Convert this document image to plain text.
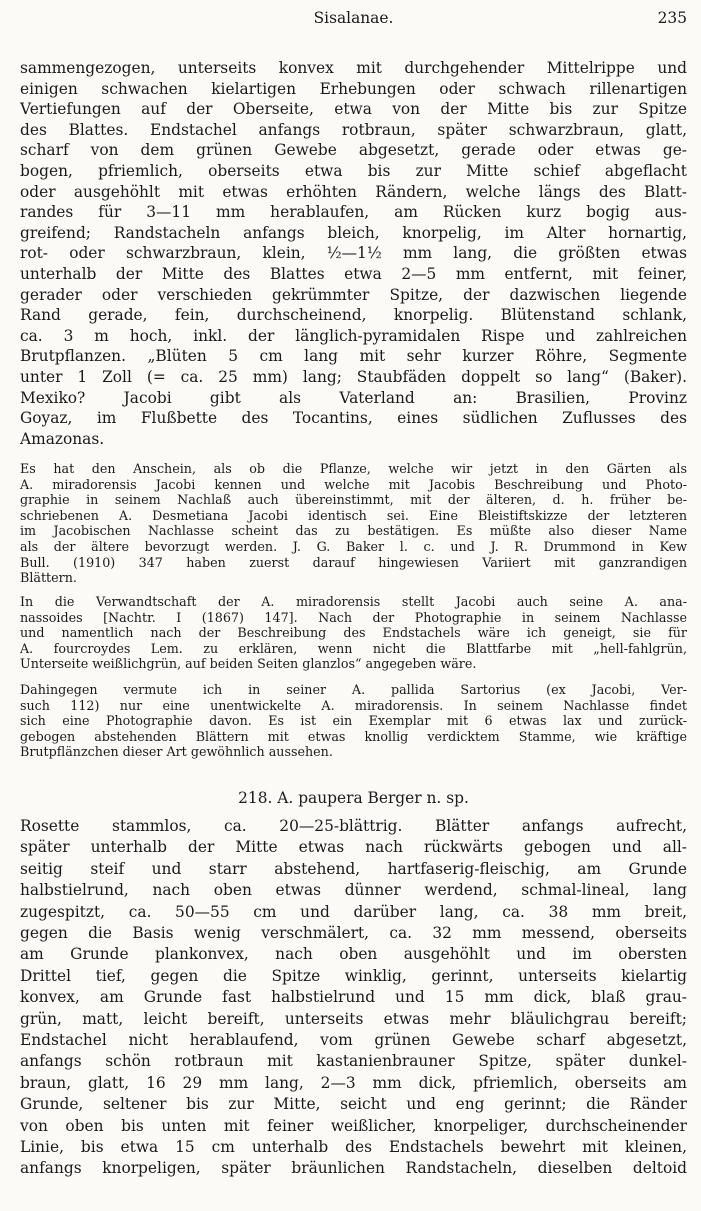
Sisalanae.	235
sammengezogen, unterseits konvex mit durchgehender Mittelrippe und
einigen schwachen kielartigen Erhebungen oder schwach rillenartigen
Vertiefungen auf der Oberseite, etwa von der Mitte bis zur Spitze
des Blattes. Endstachel anfangs rotbraun, später schwarzbraun, glatt,
scharf von dem grünen Gewebe abgesetzt, gerade oder etwas ge-
bogen, pfriemlich, oberseits etwa bis zur Mitte schief abgeflacht
oder ausgehöhlt mit etwas erhöhten Rändern, welche längs des Blatt-
randes für 3—11 mm herablaufen, am Rücken kurz bogig aus-
greifend; Randstacheln anfangs bleich, knorpelig, im Alter hornartig,
rot- oder schwarzbraun, klein, ½—1½ mm lang, die größten etwas
unterhalb der Mitte des Blattes etwa 2—5 mm entfernt, mit feiner,
gerader oder verschieden gekrümmter Spitze, der dazwischen liegende
Rand gerade, fein, durchscheinend, knorpelig. Blütenstand schlank,
ca. 3 m hoch, inkl. der länglich-pyramidalen Rispe und zahlreichen
Brutpflanzen. „Blüten 5 cm lang mit sehr kurzer Röhre, Segmente
unter 1 Zoll (= ca. 25 mm) lang; Staubfäden doppelt so lang“ (Baker).
Mexiko? Jacobi gibt als Vaterland an: Brasilien, Provinz
Goyaz, im Flußbette des Tocantins, eines südlichen Zuflusses des
Amazonas.
Es hat den Anschein, als ob die Pflanze, welche wir jetzt in den Gärten als
A. miradorensis Jacobi kennen und welche mit Jacobis Beschreibung und Photo-
graphie in seinem Nachlaß auch übereinstimmt, mit der älteren, d. h. früher be-
schriebenen A. Desmetiana Jacobi identisch sei. Eine Bleistiftskizze der letzteren
im Jacobischen Nachlasse scheint das zu bestätigen. Es müßte also dieser Name
als der ältere bevorzugt werden. J. G. Baker l. c. und J. R. Drummond in Kew
Bull. (1910) 347 haben zuerst darauf hingewiesen Variiert mit ganzrandigen
Blättern.
In die Verwandtschaft der A. miradorensis stellt Jacobi auch seine A. ana-
nassoides [Nachtr. I (1867) 147]. Nach der Photographie in seinem Nachlasse
und namentlich nach der Beschreibung des Endstachels wäre ich geneigt, sie für
A. fourcroydes Lem. zu erklären, wenn nicht die Blattfarbe mit „hell-fahlgrün,
Unterseite weißlichgrün, auf beiden Seiten glanzlos“ angegeben wäre.
Dahingegen vermute ich in seiner A. pallida Sartorius (ex Jacobi, Ver-
such 112) nur eine unentwickelte A. miradorensis. In seinem Nachlasse findet
sich eine Photographie davon. Es ist ein Exemplar mit 6 etwas lax und zurück-
gebogen abstehenden Blättern mit etwas knollig verdicktem Stamme, wie kräftige
Brutpflänzchen dieser Art gewöhnlich aussehen.
218. A. paupera Berger n. sp.
Rosette stammlos, ca. 20—25-blättrig. Blätter anfangs aufrecht,
später unterhalb der Mitte etwas nach rückwärts gebogen und all-
seitig steif und starr abstehend, hartfaserig-fleischig, am Grunde
halbstielrund, nach oben etwas dünner werdend, schmal-lineal, lang
zugespitzt, ca. 50—55 cm und darüber lang, ca. 38 mm breit,
gegen die Basis wenig verschmälert, ca. 32 mm messend, oberseits
am Grunde plankonvex, nach oben ausgehöhlt und im obersten
Drittel tief, gegen die Spitze winklig, gerinnt, unterseits kielartig
konvex, am Grunde fast halbstielrund und 15 mm dick, blaß grau-
grün, matt, leicht bereift, unterseits etwas mehr bläulichgrau bereift;
Endstachel nicht herablaufend, vom grünen Gewebe scharf abgesetzt,
anfangs schön rotbraun mit kastanienbrauner Spitze, später dunkel-
braun, glatt, 16 29 mm lang, 2—3 mm dick, pfriemlich, oberseits am
Grunde, seltener bis zur Mitte, seicht und eng gerinnt; die Ränder
von oben bis unten mit feiner weißlicher, knorpeliger, durchscheinender
Linie, bis etwa 15 cm unterhalb des Endstachels bewehrt mit kleinen,
anfangs knorpeligen, später bräunlichen Randstacheln, dieselben deltoid
